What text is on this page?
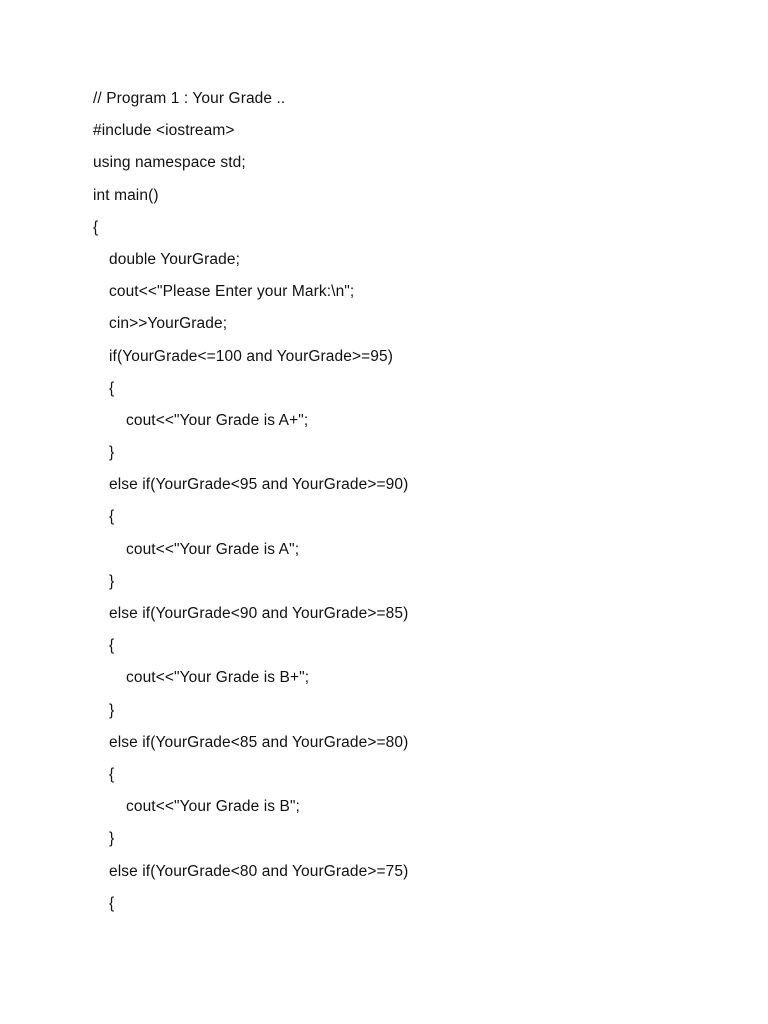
// Program 1 : Your Grade ..
#include <iostream>
using namespace std;
int main()
{
double YourGrade;
cout<<"Please Enter your Mark:\n";
cin>>YourGrade;
if(YourGrade<=100 and YourGrade>=95)
{
cout<<"Your Grade is A+";
}
else if(YourGrade<95 and YourGrade>=90)
{
cout<<"Your Grade is A";
}
else if(YourGrade<90 and YourGrade>=85)
{
cout<<"Your Grade is B+";
}
else if(YourGrade<85 and YourGrade>=80)
{
cout<<"Your Grade is B";
}
else if(YourGrade<80 and YourGrade>=75)
{
